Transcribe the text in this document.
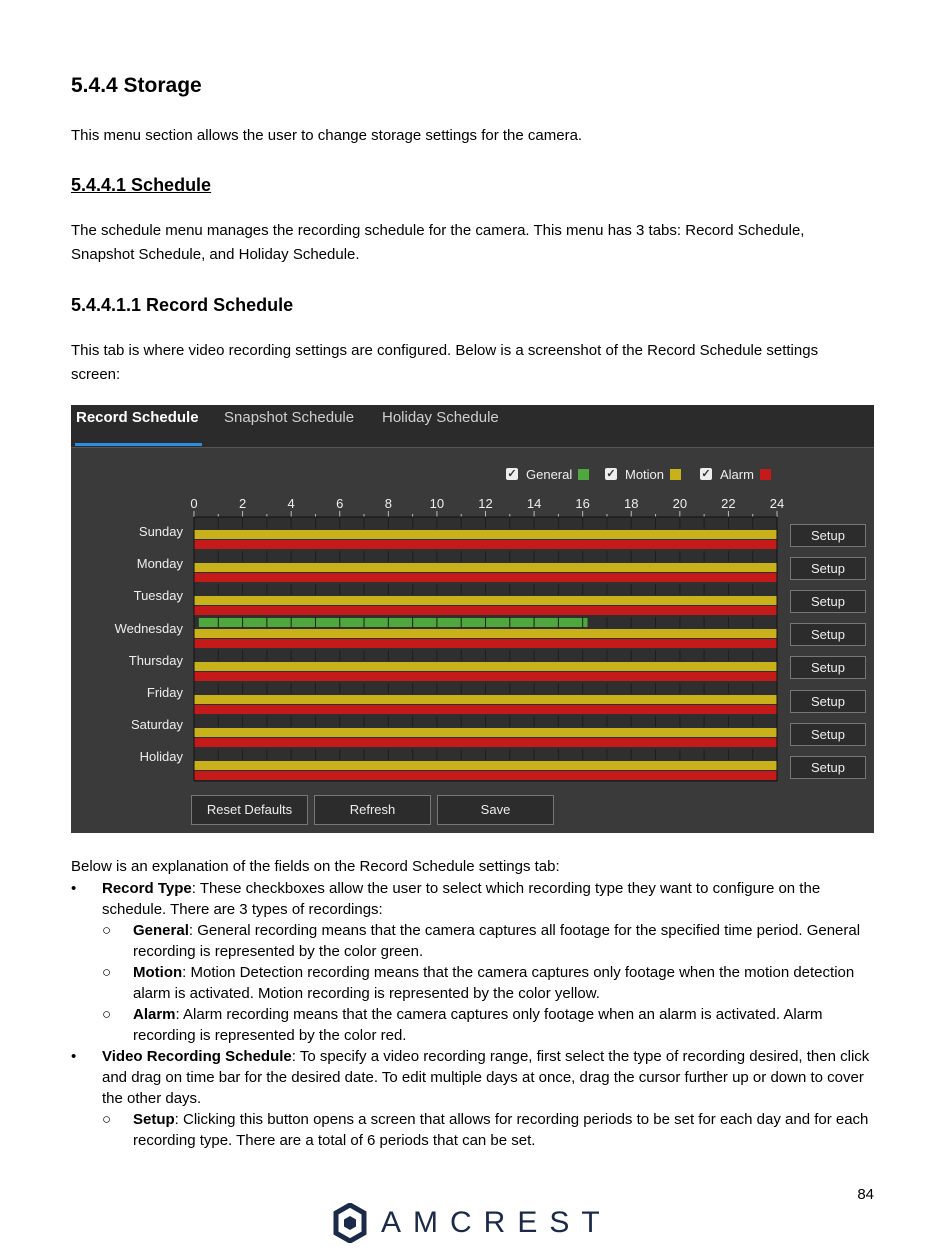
5.4.4 Storage
This menu section allows the user to change storage settings for the camera.
5.4.4.1 Schedule
The schedule menu manages the recording schedule for the camera. This menu has 3 tabs: Record Schedule, Snapshot Schedule, and Holiday Schedule.
5.4.4.1.1 Record Schedule
This tab is where video recording settings are configured. Below is a screenshot of the Record Schedule settings screen:
Record Schedule Snapshot Schedule Holiday Schedule
✓ General	✓ Motion	✓ Alarm
0	2	4	6	8	10	12	14	16	18	20	22	24
Sunday
Monday
Tuesday
Wednesday
Thursday
Friday
Saturday
Holiday
Setup
Setup
Setup
Setup
Setup
Setup
Setup
Setup
Reset Defaults	Refresh	Save
Below is an explanation of the fields on the Record Schedule settings tab:
• Record Type: These checkboxes allow the user to select which recording type they want to configure on the schedule. There are 3 types of recordings:
○ General: General recording means that the camera captures all footage for the specified time period. General recording is represented by the color green.
○ Motion: Motion Detection recording means that the camera captures only footage when the motion detection alarm is activated. Motion recording is represented by the color yellow.
○ Alarm: Alarm recording means that the camera captures only footage when an alarm is activated. Alarm recording is represented by the color red.
• Video Recording Schedule: To specify a video recording range, first select the type of recording desired, then click and drag on time bar for the desired date. To edit multiple days at once, drag the cursor further up or down to cover the other days.
○ Setup: Clicking this button opens a screen that allows for recording periods to be set for each day and for each recording type. There are a total of 6 periods that can be set.
84
AMCREST
